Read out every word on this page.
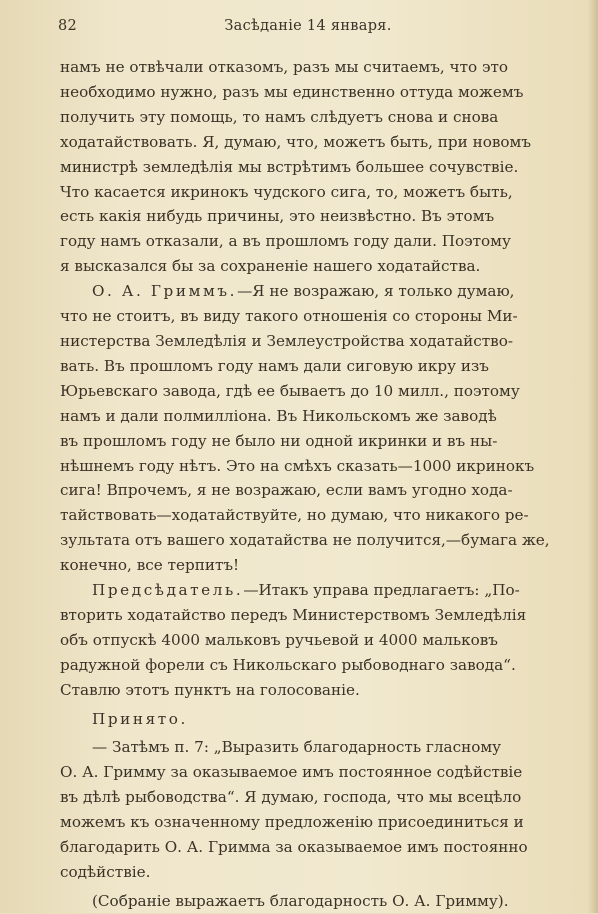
82	Засѣданіе 14 января.
намъ не отвѣчали отказомъ, разъ мы считаемъ, что это
необходимо нужно, разъ мы единственно оттуда можемъ
получить эту помощь, то намъ слѣдуетъ снова и снова
ходатайствовать. Я, думаю, что, можетъ быть, при новомъ
министрѣ земледѣлія мы встрѣтимъ большее сочувствіе.
Что касается икринокъ чудского сига, то, можетъ быть,
есть какія нибудь причины, это неизвѣстно. Въ этомъ
году намъ отказали, а въ прошломъ году дали. Поэтому
я высказался бы за сохраненіе нашего ходатайства.
О. А. Гриммъ.—Я не возражаю, я только думаю,
что не стоитъ, въ виду такого отношенія со стороны Ми-
нистерства Земледѣлія и Землеустройства ходатайство-
вать. Въ прошломъ году намъ дали сиговую икру изъ
Юрьевскаго завода, гдѣ ее бываетъ до 10 милл., поэтому
намъ и дали полмилліона. Въ Никольскомъ же заводѣ
въ прошломъ году не было ни одной икринки и въ ны-
нѣшнемъ году нѣтъ. Это на смѣхъ сказать—1000 икринокъ
сига! Впрочемъ, я не возражаю, если вамъ угодно хода-
тайствовать—ходатайствуйте, но думаю, что никакого ре-
зультата отъ вашего ходатайства не получится,—бумага же,
конечно, все терпитъ!
Предсѣдатель.—Итакъ управа предлагаетъ: „По-
вторить ходатайство передъ Министерствомъ Земледѣлія
объ отпускѣ 4000 мальковъ ручьевой и 4000 мальковъ
радужной форели съ Никольскаго рыбоводнаго завода“.
Ставлю этотъ пунктъ на голосованіе.
Принято.
— Затѣмъ п. 7: „Выразить благодарность гласному
О. А. Гримму за оказываемое имъ постоянное содѣйствіе
въ дѣлѣ рыбоводства“. Я думаю, господа, что мы всецѣло
можемъ къ означенному предложенію присоединиться и
благодарить О. А. Гримма за оказываемое имъ постоянно
содѣйствіе.
(Собраніе выражаетъ благодарность О. А. Гримму).
